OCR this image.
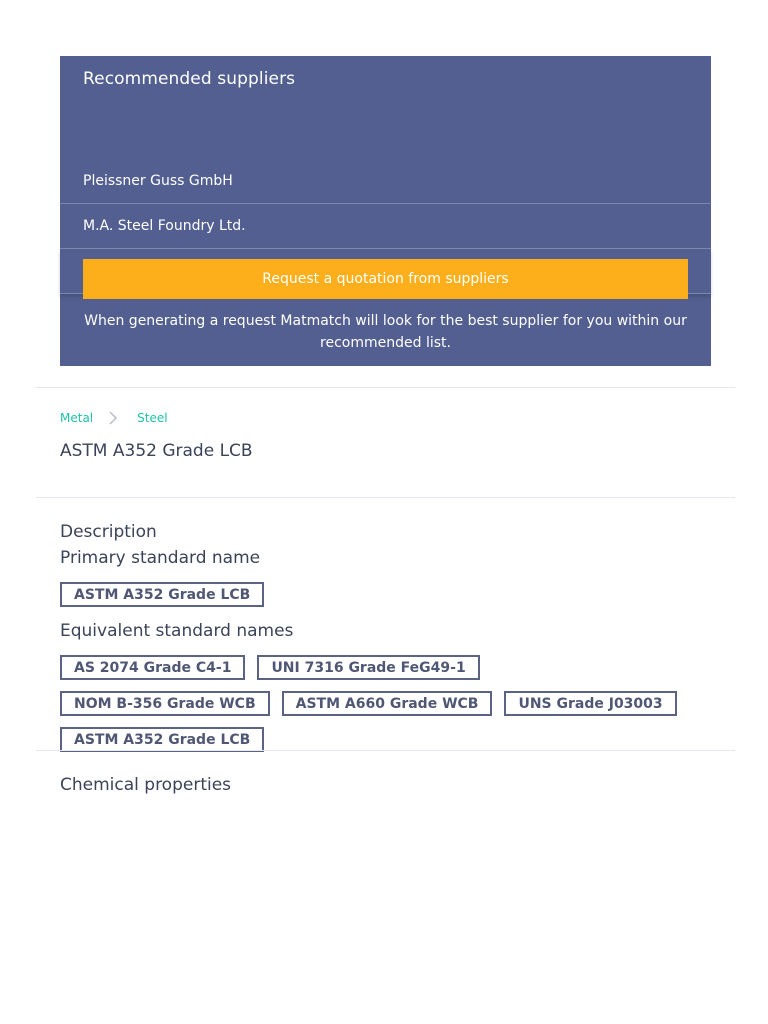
Recommended suppliers
Pleissner Guss GmbH
M.A. Steel Foundry Ltd.
Request a quotation from suppliers
When generating a request Matmatch will look for the best supplier for you within our recommended list.
Metal	Steel
ASTM A352 Grade LCB
Description
Primary standard name
ASTM A352 Grade LCB
Equivalent standard names
AS 2074 Grade C4-1	UNI 7316 Grade FeG49-1
NOM B-356 Grade WCB	ASTM A660 Grade WCB	UNS Grade J03003
ASTM A352 Grade LCB
Chemical properties
